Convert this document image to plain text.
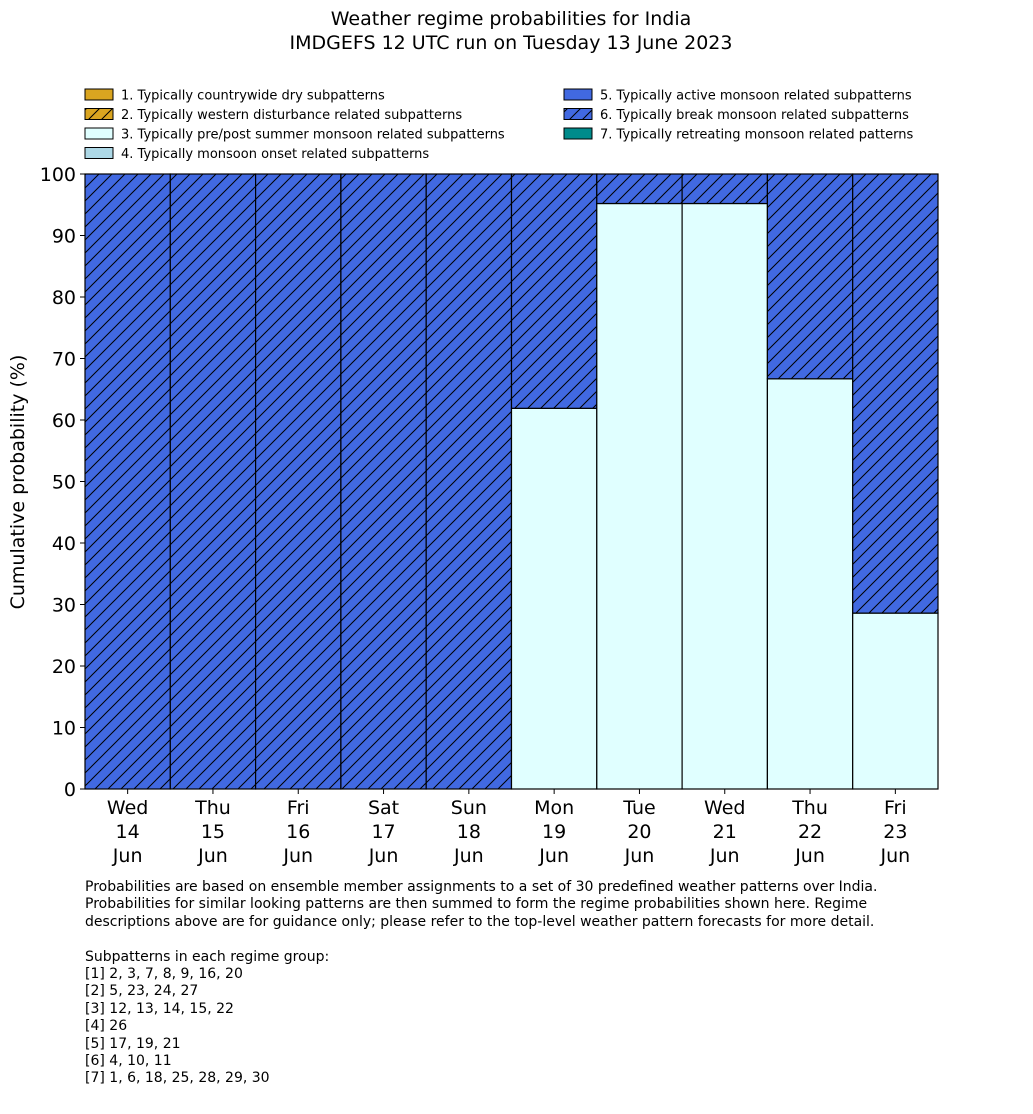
Weather regime probabilities for India
IMDGEFS 12 UTC run on Tuesday 13 June 2023
1. Typically countrywide dry subpatterns
2. Typically western disturbance related subpatterns
3. Typically pre/post summer monsoon related subpatterns
4. Typically monsoon onset related subpatterns
5. Typically active monsoon related subpatterns
6. Typically break monsoon related subpatterns
7. Typically retreating monsoon related patterns
0
10
20
30
40
50
60
70
80
90
100
Wed
14
Jun
Thu
15
Jun
Fri
16
Jun
Sat
17
Jun
Sun
18
Jun
Mon
19
Jun
Tue
20
Jun
Wed
21
Jun
Thu
22
Jun
Fri
23
Jun
Cumulative probability (%)

Probabilities are based on ensemble member assignments to a set of 30 predefined weather patterns over India.

Probabilities for similar looking patterns are then summed to form the regime probabilities shown here. Regime

descriptions above are for guidance only; please refer to the top-level weather pattern forecasts for more detail.

Subpatterns in each regime group:

[1] 2, 3, 7, 8, 9, 16, 20

[2] 5, 23, 24, 27

[3] 12, 13, 14, 15, 22

[4] 26

[5] 17, 19, 21

[6] 4, 10, 11

[7] 1, 6, 18, 25, 28, 29, 30
